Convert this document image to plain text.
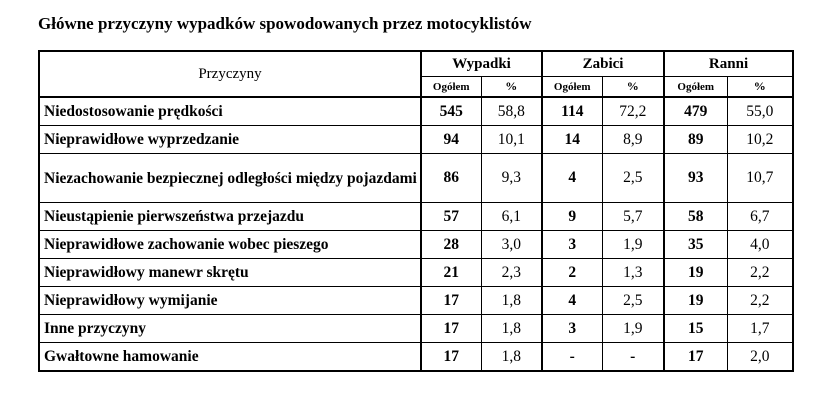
Główne przyczyny wypadków spowodowanych przez motocyklistów
Przyczyny	Wypadki		Zabici		Ranni	
	Ogółem	%	Ogółem	%	Ogółem	%
Niedostosowanie prędkości	545	58,8	114	72,2	479	55,0
Nieprawidłowe wyprzedzanie	94	10,1	14	8,9	89	10,2
Niezachowanie bezpiecznej odległości między pojazdami	86	9,3	4	2,5	93	10,7
Nieustąpienie pierwszeństwa przejazdu	57	6,1	9	5,7	58	6,7
Nieprawidłowe zachowanie wobec pieszego	28	3,0	3	1,9	35	4,0
Nieprawidłowy manewr skrętu	21	2,3	2	1,3	19	2,2
Nieprawidłowy wymijanie	17	1,8	4	2,5	19	2,2
Inne przyczyny	17	1,8	3	1,9	15	1,7
Gwałtowne hamowanie	17	1,8	-	-	17	2,0
